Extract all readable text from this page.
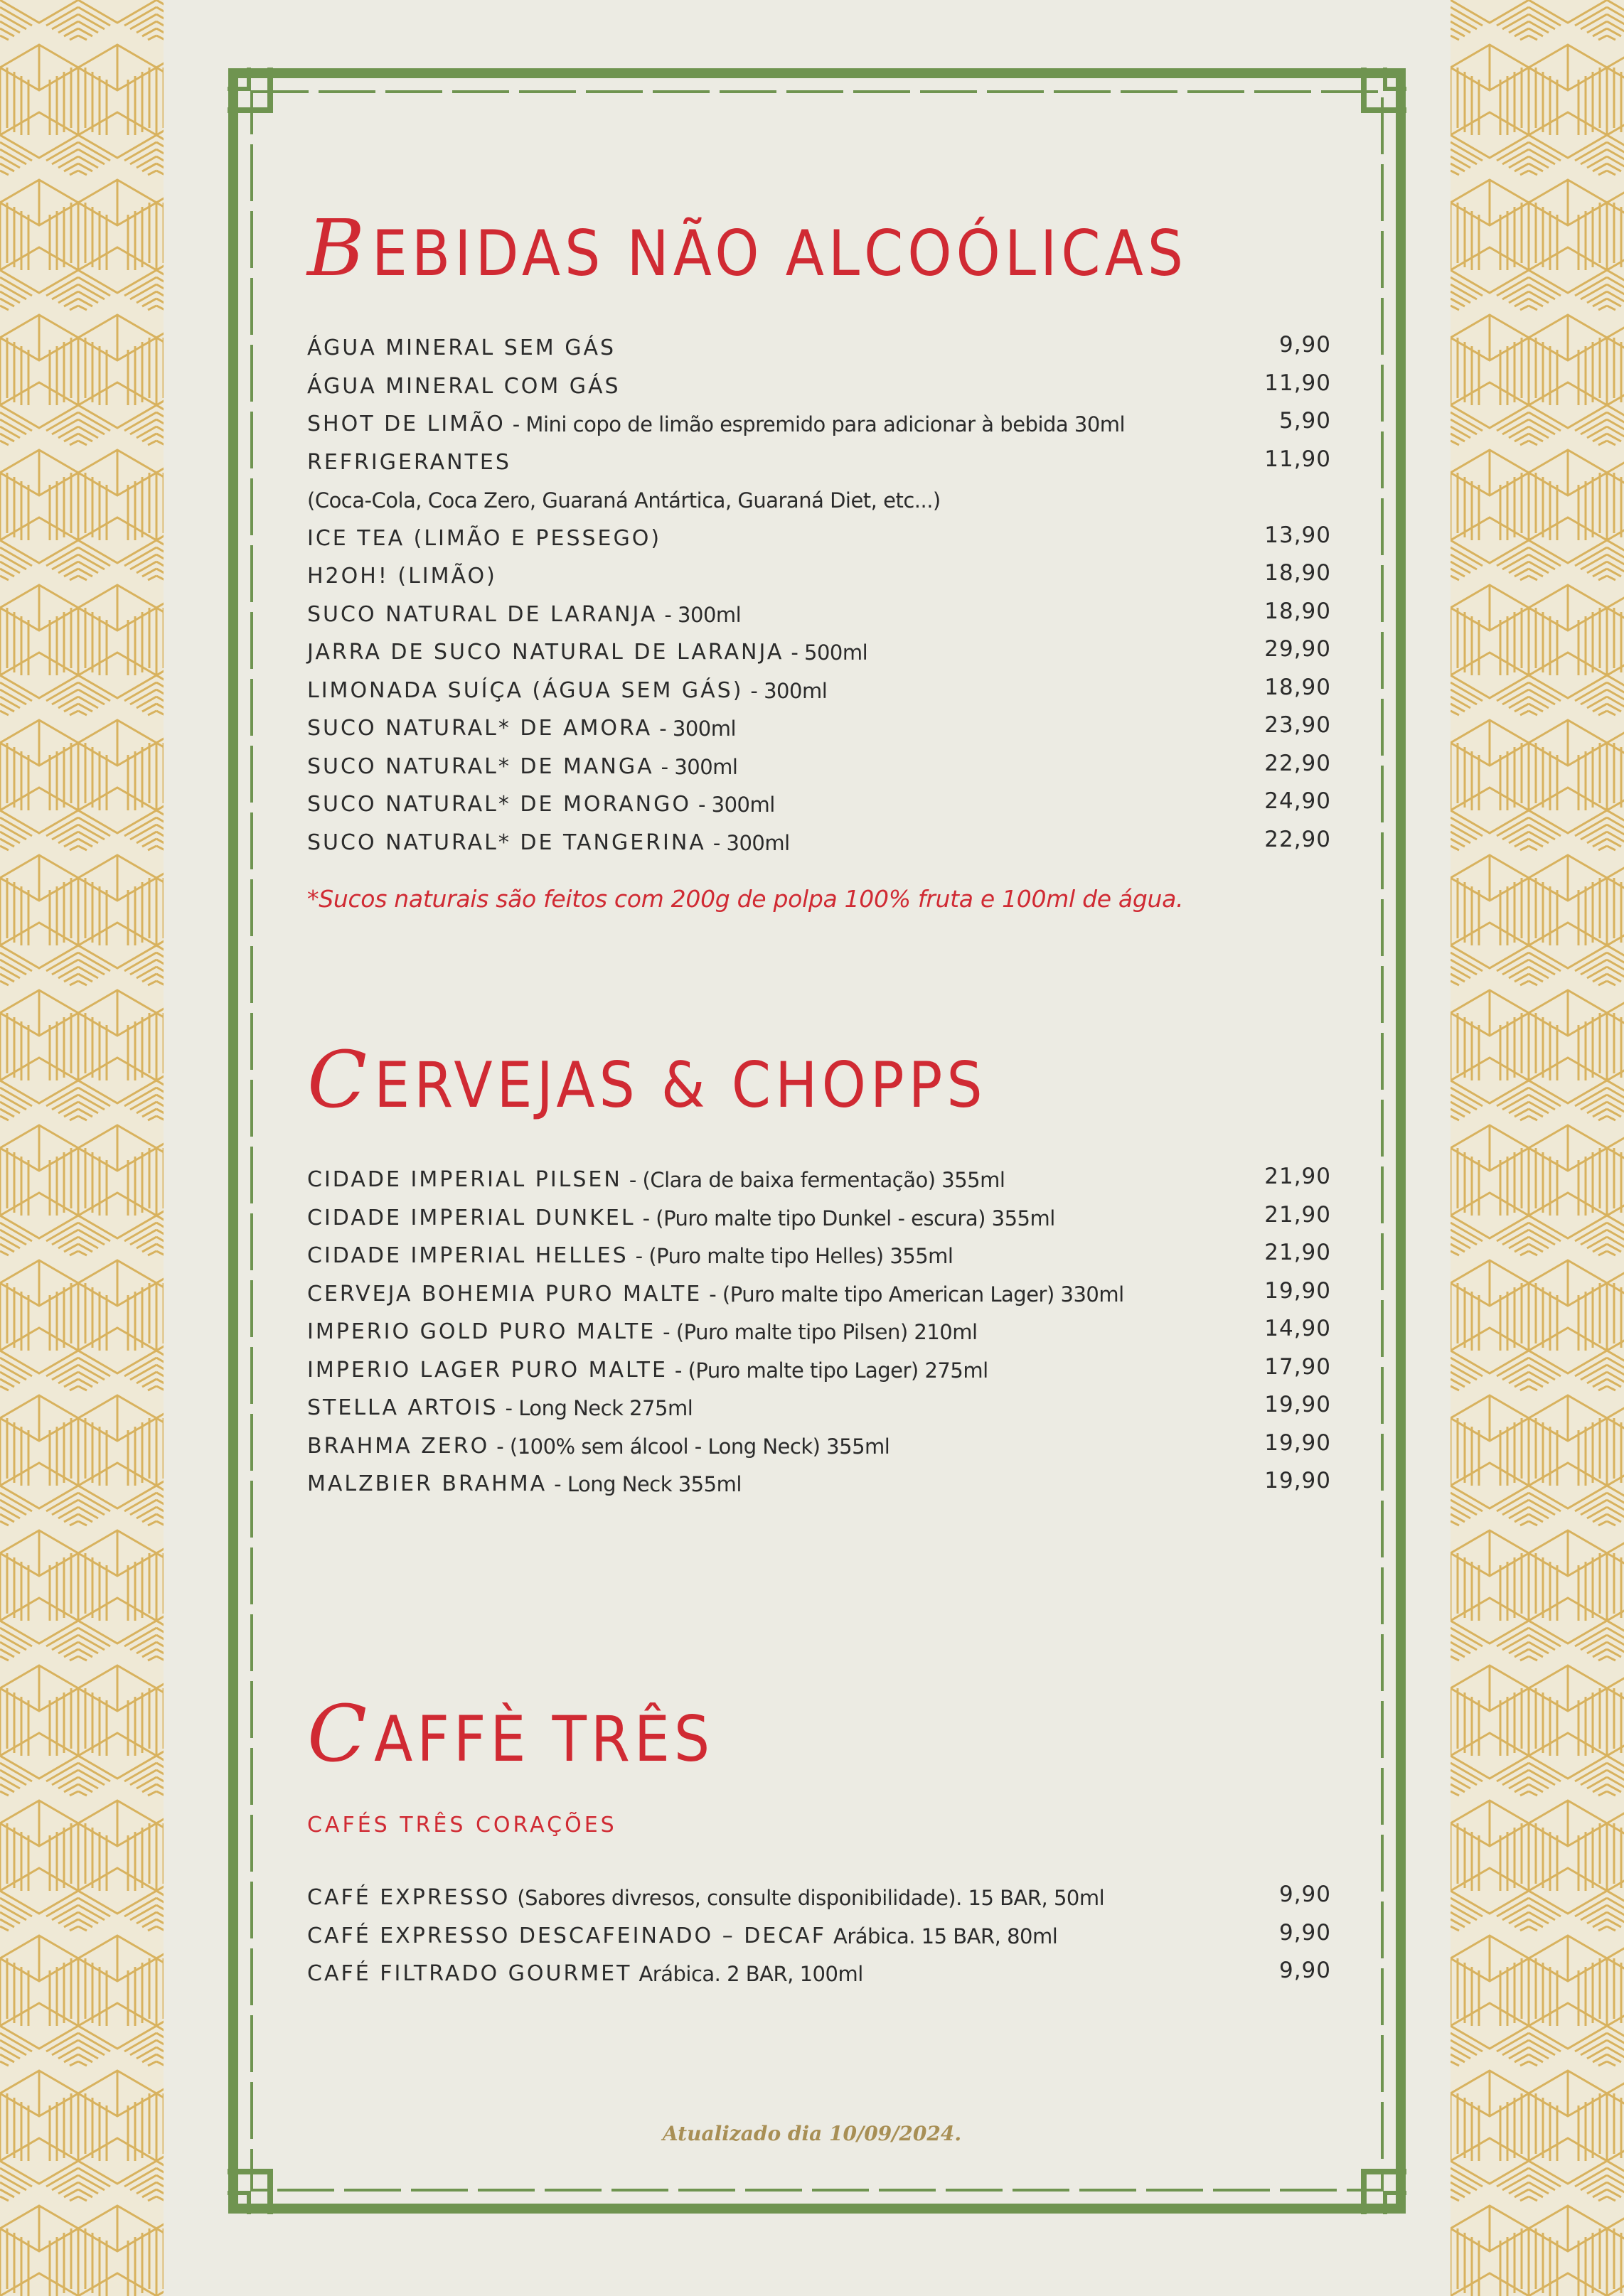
BEBIDAS NÃO ALCOÓLICAS
ÁGUA MINERAL SEM GÁS	9,90
ÁGUA MINERAL COM GÁS	11,90
SHOT DE LIMÃO - Mini copo de limão espremido para adicionar à bebida 30ml	5,90
REFRIGERANTES	11,90
(Coca-Cola, Coca Zero, Guaraná Antártica, Guaraná Diet, etc...)
ICE TEA (LIMÃO E PESSEGO)	13,90
H2OH! (LIMÃO)	18,90
SUCO NATURAL DE LARANJA - 300ml	18,90
JARRA DE SUCO NATURAL DE LARANJA - 500ml	29,90
LIMONADA SUÍÇA (ÁGUA SEM GÁS) - 300ml	18,90
SUCO NATURAL* DE AMORA - 300ml	23,90
SUCO NATURAL* DE MANGA - 300ml	22,90
SUCO NATURAL* DE MORANGO - 300ml	24,90
SUCO NATURAL* DE TANGERINA - 300ml	22,90
*Sucos naturais são feitos com 200g de polpa 100% fruta e 100ml de água.
CERVEJAS & CHOPPS
CIDADE IMPERIAL PILSEN - (Clara de baixa fermentação) 355ml	21,90
CIDADE IMPERIAL DUNKEL - (Puro malte tipo Dunkel - escura) 355ml	21,90
CIDADE IMPERIAL HELLES - (Puro malte tipo Helles) 355ml	21,90
CERVEJA BOHEMIA PURO MALTE - (Puro malte tipo American Lager) 330ml	19,90
IMPERIO GOLD PURO MALTE - (Puro malte tipo Pilsen) 210ml	14,90
IMPERIO LAGER PURO MALTE - (Puro malte tipo Lager) 275ml	17,90
STELLA ARTOIS - Long Neck 275ml	19,90
BRAHMA ZERO - (100% sem álcool - Long Neck) 355ml	19,90
MALZBIER BRAHMA - Long Neck 355ml	19,90
CAFFÈ TRÊS
CAFÉS TRÊS CORAÇÕES
CAFÉ EXPRESSO (Sabores divresos, consulte disponibilidade). 15 BAR, 50ml	9,90
CAFÉ EXPRESSO DESCAFEINADO – DECAF Arábica. 15 BAR, 80ml	9,90
CAFÉ FILTRADO GOURMET Arábica. 2 BAR, 100ml	9,90
Atualizado dia 10/09/2024.
